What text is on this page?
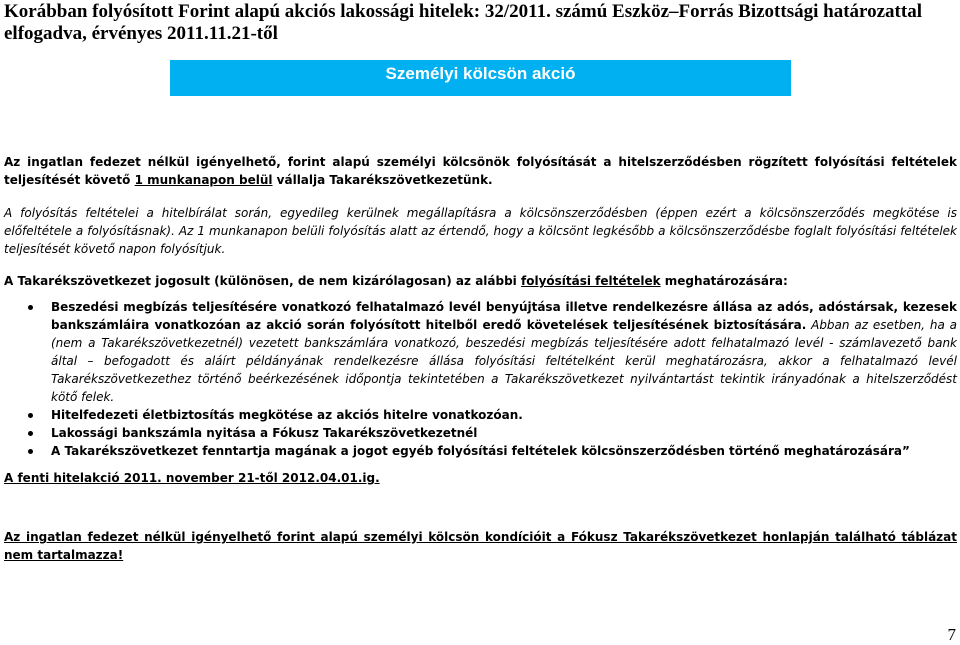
Korábban folyósított Forint alapú akciós lakossági hitelek: 32/2011. számú Eszköz–Forrás Bizottsági határozattal elfogadva, érvényes 2011.11.21-től
Személyi kölcsön akció

Az ingatlan fedezet nélkül igényelhető, forint alapú személyi kölcsönök folyósítását a hitelszerződésben rögzített folyósítási feltételek teljesítését követő 1 munkanapon belül vállalja Takarékszövetkezetünk.

A folyósítás feltételei a hitelbírálat során, egyedileg kerülnek megállapításra a kölcsönszerződésben (éppen ezért a kölcsönszerződés megkötése is előfeltétele a folyósításnak). Az 1 munkanapon belüli folyósítás alatt az értendő, hogy a kölcsönt legkésőbb a kölcsönszerződésbe foglalt folyósítási feltételek teljesítését követő napon folyósítjuk.

A Takarékszövetkezet jogosult (különösen, de nem kizárólagosan) az alábbi folyósítási feltételek meghatározására:

Beszedési megbízás teljesítésére vonatkozó felhatalmazó levél benyújtása illetve rendelkezésre állása az adós, adóstársak, kezesek bankszámláira vonatkozóan az akció során folyósított hitelből eredő követelések teljesítésének biztosítására. Abban az esetben, ha a (nem a Takarékszövetkezetnél) vezetett bankszámlára vonatkozó, beszedési megbízás teljesítésére adott felhatalmazó levél - számlavezető bank által – befogadott és aláírt példányának rendelkezésre állása folyósítási feltételként kerül meghatározásra, akkor a felhatalmazó levél Takarékszövetkezethez történő beérkezésének időpontja tekintetében a Takarékszövetkezet nyilvántartást tekintik irányadónak a hitelszerződést kötő felek.
Hitelfedezeti életbiztosítás megkötése az akciós hitelre vonatkozóan.
Lakossági bankszámla nyitása a Fókusz Takarékszövetkezetnél
A Takarékszövetkezet fenntartja magának a jogot egyéb folyósítási feltételek kölcsönszerződésben történő meghatározására”

A fenti hitelakció 2011. november 21-től 2012.04.01.ig.

Az ingatlan fedezet nélkül igényelhető forint alapú személyi kölcsön kondícióit a Fókusz Takarékszövetkezet honlapján található táblázat nem tartalmazza!

7
